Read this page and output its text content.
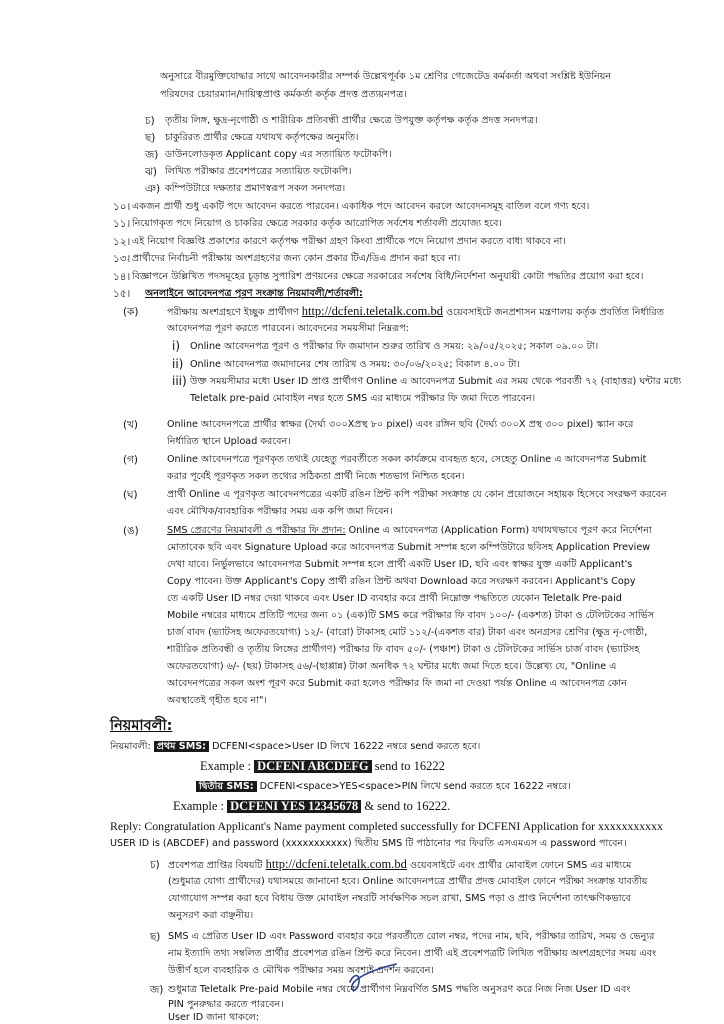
অনুসারে বীরমুক্তিযোদ্ধার সাথে আবেদনকারীর সম্পর্ক উল্লেখপূর্বক ১ম শ্রেণির গেজেটেড কর্মকর্তা অথবা সংশ্লিষ্ট ইউনিয়ন
পরিষদের চেয়ারম্যান/দায়িত্বপ্রাপ্ত কর্মকর্তা কর্তৃক প্রদত্ত প্রত্যয়নপত্র।
চ) তৃতীয় লিঙ্গ, ক্ষুদ্র-নৃগোষ্ঠী ও শারীরিক প্রতিবন্ধী প্রার্থীর ক্ষেত্রে উপযুক্ত কর্তৃপক্ষ কর্তৃক প্রদত্ত সনদপত্র।
ছ) চাকুরিরত প্রার্থীর ক্ষেত্রে যথাযথ কর্তৃপক্ষের অনুমতি।
জ) ডাউনলোডকৃত Applicant copy এর সত্যায়িত ফটোকপি।
ঝ) লিখিত পরীক্ষার প্রবেশপত্রের সত্যায়িত ফটোকপি।
ঞ) কম্পিউটারে দক্ষতার প্রমাণস্বরূপ সকল সনদপত্র।
১০। একজন প্রার্থী শুধু একটি পদে আবেদন করতে পারবেন। একাধিক পদে আবেদন করলে আবেদনসমূহ বাতিল বলে গণ্য হবে।
১১। নিয়োগকৃত পদে নিয়োগ ও চাকরির ক্ষেত্রে সরকার কর্তৃক আরোপিত সর্বশেষ শর্তাবলী প্রযোজ্য হবে।
১২। এই নিয়োগ বিজ্ঞপ্তি প্রকাশের কারণে কর্তৃপক্ষ পরীক্ষা গ্রহণ কিংবা প্রার্থীকে পদে নিয়োগ প্রদান করতে বাধ্য থাকবে না।
১৩। প্রার্থীদের নির্বাচনী পরীক্ষায় অংশগ্রহণের জন্য কোন প্রকার টিএ/ডিএ প্রদান করা হবে না।
১৪। বিজ্ঞাপনে উল্লিখিত পদসমূহের চূড়ান্ত সুপারিশ প্রণয়নের ক্ষেত্রে সরকারের সর্বশেষ বিধি/নির্দেশনা অনুযায়ী কোটা পদ্ধতির প্রয়োগ করা হবে।
১৫। অনলাইনে আবেদনপত্র পূরণ সংক্রান্ত নিয়মাবলী/শর্তাবলী:
(ক)	পরীক্ষায় অংশগ্রহণে ইচ্ছুক প্রার্থীগণ http://dcfeni.teletalk.com.bd ওয়েবসাইটে জনপ্রশাসন মন্ত্রণালয় কর্তৃক প্রবর্তিত নির্ধারিত
আবেদনপত্র পূরণ করতে পারবেন। আবেদনের সময়সীমা নিম্নরূপ:
i) Online আবেদনপত্র পূরণ ও পরীক্ষার ফি জমাদান শুরুর তারিখ ও সময়: ২৯/০৫/২০২৫; সকাল ০৯.০০ টা।
ii) Online আবেদনপত্র জমাদানের শেষ তারিখ ও সময়: ৩০/০৬/২০২৫; বিকাল ৪.০০ টা।
iii) উক্ত সময়সীমার মধ্যে User ID প্রাপ্ত প্রার্থীগণ Online এ আবেদনপত্র Submit এর সময় থেকে পরবর্তী ৭২ (বাহাত্তর) ঘন্টার মধ্যে
Teletalk pre-paid মোবাইল নম্বর হতে SMS এর মাধ্যমে পরীক্ষার ফি জমা দিতে পারবেন।
(খ)	Online আবেদনপত্রে প্রার্থীর স্বাক্ষর (দৈর্ঘ্য ৩০০Xপ্রস্থ ৮০ pixel) এবং রঙ্গিন ছবি (দৈর্ঘ্য ৩০০X প্রস্থ ৩০০ pixel) স্ক্যান করে
নির্ধারিত স্থানে Upload করবেন।
(গ)	Online আবেদনপত্রে পূরণকৃত তথ্যই যেহেতু পরবর্তীতে সকল কার্যক্রমে ব্যবহৃত হবে, সেহেতু Online এ আবেদনপত্র Submit
করার পূর্বেই পূরণকৃত সকল তথ্যের সঠিকতা প্রার্থী নিজে শতভাগ নিশ্চিত হবেন।
(ঘ)	প্রার্থী Online এ পূরণকৃত আবেদনপত্রের একটি রঙিন প্রিন্ট কপি পরীক্ষা সংক্রান্ত যে কোন প্রয়োজনে সহায়ক হিসেবে সংরক্ষণ করবেন
এবং মৌখিক/ব্যবহারিক পরীক্ষার সময় এক কপি জমা দিবেন।
(ঙ)	SMS প্রেরণের নিয়মাবলী ও পরীক্ষার ফি প্রদান: Online এ আবেদনপত্র (Application Form) যথাযথভাবে পূরণ করে নির্দেশনা
মোতাবেক ছবি এবং Signature Upload করে আবেদনপত্র Submit সম্পন্ন হলে কম্পিউটারে ছবিসহ Application Preview
দেখা যাবে। নির্ভুলভাবে আবেদনপত্র Submit সম্পন্ন হলে প্রার্থী একটি User ID, ছবি এবং স্বাক্ষর যুক্ত একটি Applicant's
Copy পাবেন। উক্ত Applicant's Copy প্রার্থী রঙিন প্রিন্ট অথবা Download করে সংরক্ষণ করবেন। Applicant's Copy
তে একটি User ID নম্বর দেয়া থাকবে এবং User ID ব্যবহার করে প্রার্থী নিম্নোক্ত পদ্ধতিতে যেকোন Teletalk Pre-paid
Mobile নম্বরের মাধ্যমে প্রতিটি পদের জন্য ০১ (এক)টি SMS করে পরীক্ষার ফি বাবদ ১০০/- (একশত) টাকা ও টেলিটকের সার্ভিস
চার্জ বাবদ (ভ্যাটসহ অফেরতযোগ্য) ১২/- (বারো) টাকাসহ মোট ১১২/-(একশত বার) টাকা এবং অনগ্রসর শ্রেণির (ক্ষুদ্র নৃ-গোষ্ঠী,
শারীরিক প্রতিবন্ধী ও তৃতীয় লিঙ্গের প্রার্থীগণ) পরীক্ষার ফি বাবদ ৫০/- (পঞ্চাশ) টাকা ও টেলিটকের সার্ভিস চার্জ বাবদ (ভ্যাটসহ
অফেরতযোগ্য) ৬/- (ছয়) টাকাসহ ৫৬/-(ছাপ্পান্ন) টাকা অনধিক ৭২ ঘন্টার মধ্যে জমা দিতে হবে। উল্লেখ্য যে, "Online এ
আবেদনপত্রের সকল অংশ পূরণ করে Submit করা হলেও পরীক্ষার ফি জমা না দেওয়া পর্যন্ত Online এ আবেদনপত্র কোন
অবস্থাতেই গৃহীত হবে না"।
নিয়মাবলী:
নিয়মাবলী: প্রথম SMS: DCFENI<space>User ID লিখে 16222 নম্বরে send করতে হবে।
Example : DCFENI ABCDEFG send to 16222
দ্বিতীয় SMS: DCFENI<space>YES<space>PIN লিখে send করতে হবে 16222 নম্বরে।
Example : DCFENI YES 12345678 & send to 16222.
Reply: Congratulation Applicant's Name payment completed successfully for DCFENI Application for xxxxxxxxxxx
USER ID is (ABCDEF) and password (xxxxxxxxxxx) দ্বিতীয় SMS টি পাঠানোর পর ফিরতি এসএমএস এ password পাবেন।
চ) প্রবেশপত্র প্রাপ্তির বিষয়টি http://dcfeni.teletalk.com.bd ওয়েবসাইটে এবং প্রার্থীর মোবাইল ফোনে SMS এর মাধ্যমে
(শুধুমাত্র যোগ্য প্রার্থীদের) যথাসময়ে জানানো হবে। Online আবেদনপত্রে প্রার্থীর প্রদত্ত মোবাইল ফোনে পরীক্ষা সংক্রান্ত যাবতীয়
যোগাযোগ সম্পন্ন করা হবে বিধায় উক্ত মোবাইল নম্বরটি সার্বক্ষণিক সচল রাখা, SMS পড়া ও প্রাপ্ত নির্দেশনা তাৎক্ষণিকভাবে
অনুসরণ করা বাঞ্ছনীয়।
ছ) SMS এ প্রেরিত User ID এবং Password ব্যবহার করে পরবর্তীতে রোল নম্বর, পদের নাম, ছবি, পরীক্ষার তারিখ, সময় ও ভেন্যুর
নাম ইত্যাদি তথ্য সম্বলিত প্রার্থীর প্রবেশপত্র রঙিন প্রিন্ট করে নিবেন। প্রার্থী এই প্রবেশপত্রটি লিখিত পরীক্ষায় অংশগ্রহণের সময় এবং
উত্তীর্ণ হলে ব্যবহারিক ও মৌখিক পরীক্ষার সময় অবশ্যই প্রদর্শন করবেন।
জ) শুধুমাত্র Teletalk Pre-paid Mobile নম্বর থেকে প্রার্থীগণ নিম্নবর্ণিত SMS পদ্ধতি অনুসরণ করে নিজ নিজ User ID এবং
PIN পুনরুদ্ধার করতে পারবেন।
User ID জানা থাকলে:
